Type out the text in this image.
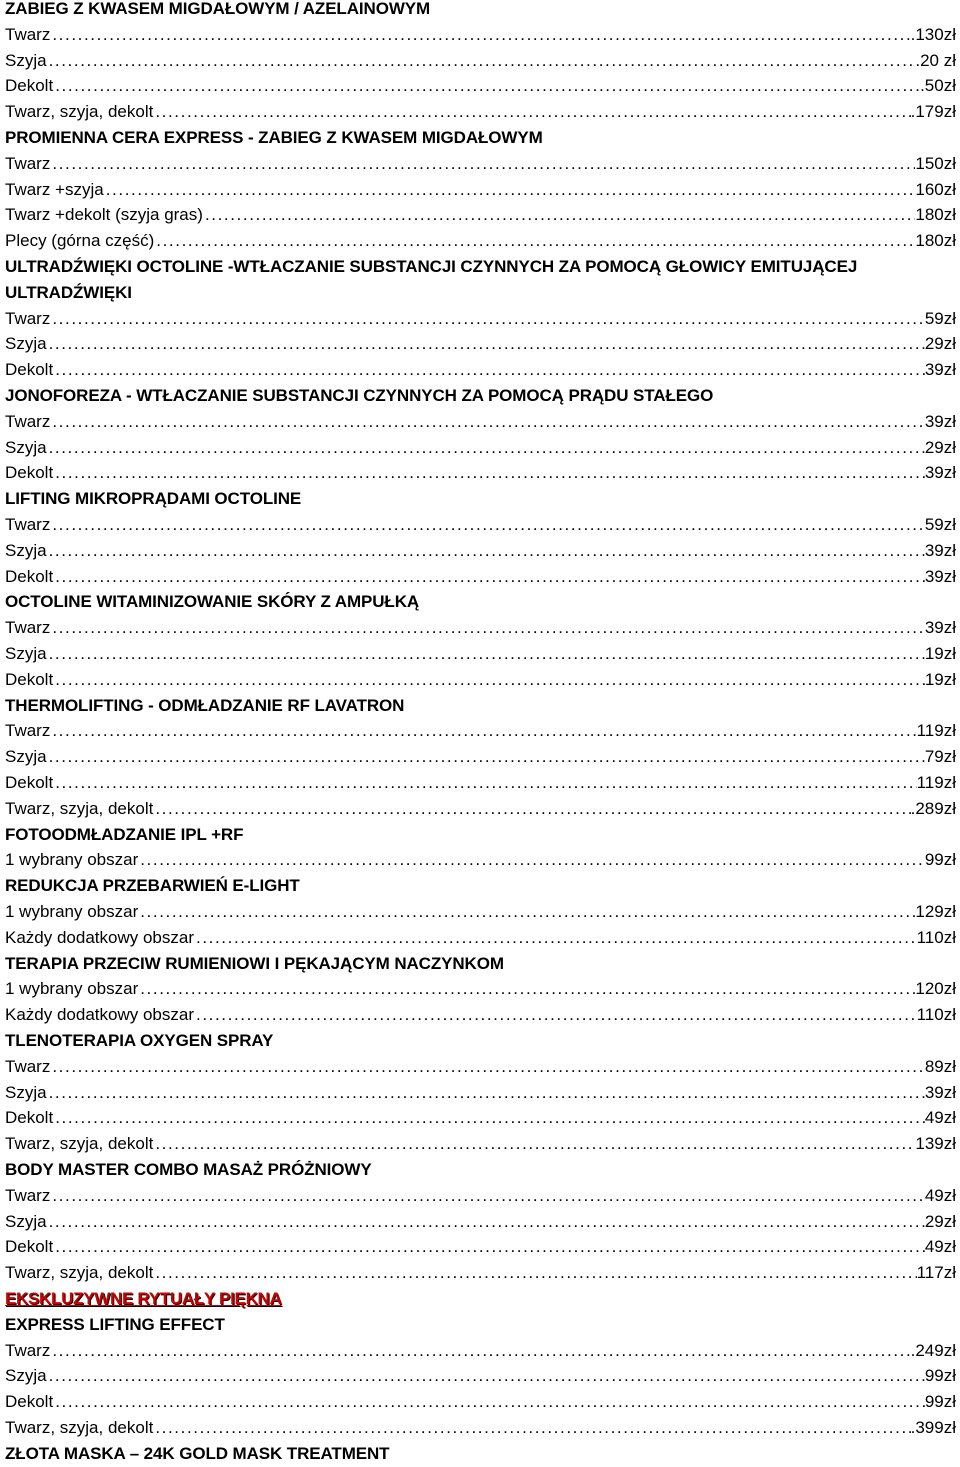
ZABIEG Z KWASEM MIGDAŁOWYM / AZELAINOWYM
Twarz .....	.130zł
Szyja .....	.20 zł
Dekolt .....	.50zł
Twarz, szyja, dekolt .....	.179zł
PROMIENNA CERA EXPRESS - ZABIEG Z KWASEM MIGDAŁOWYM
Twarz .....	150zł
Twarz +szyja .....	160zł
Twarz +dekolt (szyja gras) .....	180zł
Plecy (górna część) .....	180zł
ULTRADŹWIĘKI OCTOLINE -WTŁACZANIE SUBSTANCJI CZYNNYCH ZA POMOCĄ GŁOWICY EMITUJĄCEJ ULTRADŹWIĘKI
Twarz .....	59zł
Szyja .....	29zł
Dekolt .....	39zł
JONOFOREZA - WTŁACZANIE SUBSTANCJI CZYNNYCH ZA POMOCĄ PRĄDU STAŁEGO
Twarz .....	39zł
Szyja .....	29zł
Dekolt .....	39zł
LIFTING MIKROPRĄDAMI OCTOLINE
Twarz .....	59zł
Szyja .....	39zł
Dekolt .....	39zł
OCTOLINE WITAMINIZOWANIE SKÓRY Z AMPUŁKĄ
Twarz .....	39zł
Szyja .....	19zł
Dekolt .....	19zł
THERMOLIFTING - ODMŁADZANIE RF LAVATRON
Twarz .....	119zł
Szyja .....	79zł
Dekolt .....	119zł
Twarz, szyja, dekolt .....	.289zł
FOTOODMŁADZANIE IPL +RF
1 wybrany obszar .....	99zł
REDUKCJA PRZEBARWIEŃ E-LIGHT
1 wybrany obszar .....	129zł
Każdy dodatkowy obszar .....	110zł
TERAPIA PRZECIW RUMIENIOWI I PĘKAJĄCYM NACZYNKOM
1 wybrany obszar .....	120zł
Każdy dodatkowy obszar .....	110zł
TLENOTERAPIA OXYGEN SPRAY
Twarz .....	89zł
Szyja .....	39zł
Dekolt .....	49zł
Twarz, szyja, dekolt .....	139zł
BODY MASTER COMBO MASAŻ PRÓŻNIOWY
Twarz .....	49zł
Szyja .....	29zł
Dekolt .....	49zł
Twarz, szyja, dekolt .....	117zł
EKSKLUZYWNE RYTUAŁY PIĘKNA
EXPRESS LIFTING EFFECT
Twarz .....	.249zł
Szyja .....	99zł
Dekolt .....	99zł
Twarz, szyja, dekolt .....	.399zł
ZŁOTA MASKA – 24K GOLD MASK TREATMENT
